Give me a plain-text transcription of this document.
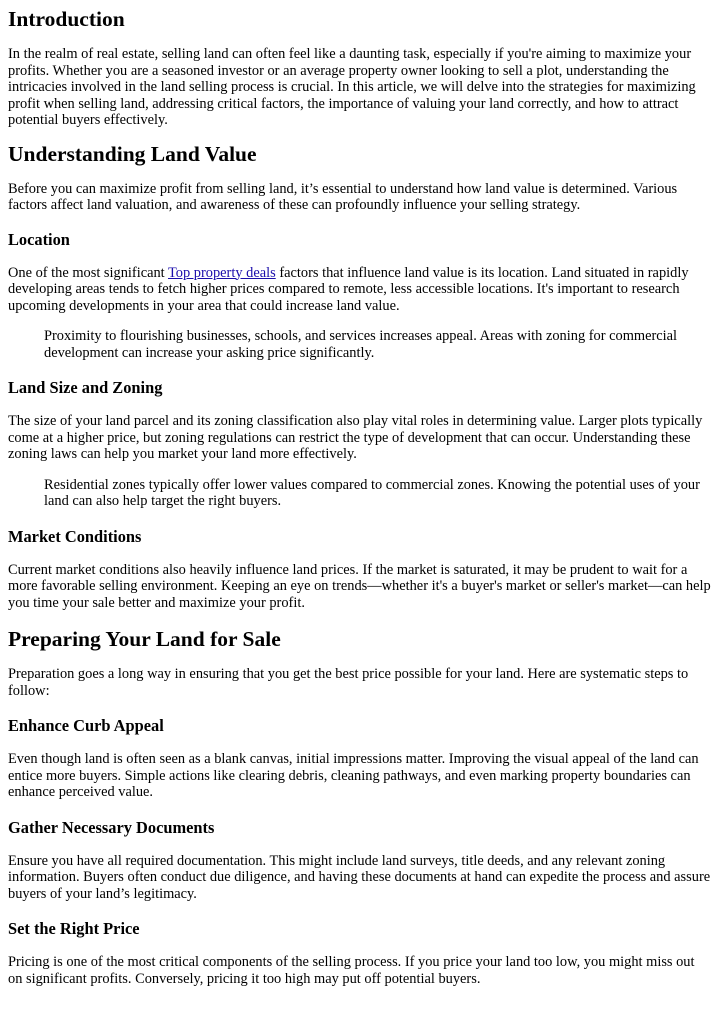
Introduction

In the realm of real estate, selling land can often feel like a daunting task, especially if you're aiming to maximize your profits. Whether you are a seasoned investor or an average property owner looking to sell a plot, understanding the intricacies involved in the land selling process is crucial. In this article, we will delve into the strategies for maximizing profit when selling land, addressing critical factors, the importance of valuing your land correctly, and how to attract potential buyers effectively.

Understanding Land Value

Before you can maximize profit from selling land, it’s essential to understand how land value is determined. Various factors affect land valuation, and awareness of these can profoundly influence your selling strategy.

Location

One of the most significant Top property deals factors that influence land value is its location. Land situated in rapidly developing areas tends to fetch higher prices compared to remote, less accessible locations. It's important to research upcoming developments in your area that could increase land value.

Proximity to flourishing businesses, schools, and services increases appeal. Areas with zoning for commercial development can increase your asking price significantly.
Land Size and Zoning

The size of your land parcel and its zoning classification also play vital roles in determining value. Larger plots typically come at a higher price, but zoning regulations can restrict the type of development that can occur. Understanding these zoning laws can help you market your land more effectively.

Residential zones typically offer lower values compared to commercial zones. Knowing the potential uses of your land can also help target the right buyers.
Market Conditions

Current market conditions also heavily influence land prices. If the market is saturated, it may be prudent to wait for a more favorable selling environment. Keeping an eye on trends—whether it's a buyer's market or seller's market—can help you time your sale better and maximize your profit.

Preparing Your Land for Sale

Preparation goes a long way in ensuring that you get the best price possible for your land. Here are systematic steps to follow:

Enhance Curb Appeal

Even though land is often seen as a blank canvas, initial impressions matter. Improving the visual appeal of the land can entice more buyers. Simple actions like clearing debris, cleaning pathways, and even marking property boundaries can enhance perceived value.

Gather Necessary Documents

Ensure you have all required documentation. This might include land surveys, title deeds, and any relevant zoning information. Buyers often conduct due diligence, and having these documents at hand can expedite the process and assure buyers of your land’s legitimacy.

Set the Right Price

Pricing is one of the most critical components of the selling process. If you price your land too low, you might miss out on significant profits. Conversely, pricing it too high may put off potential buyers.
